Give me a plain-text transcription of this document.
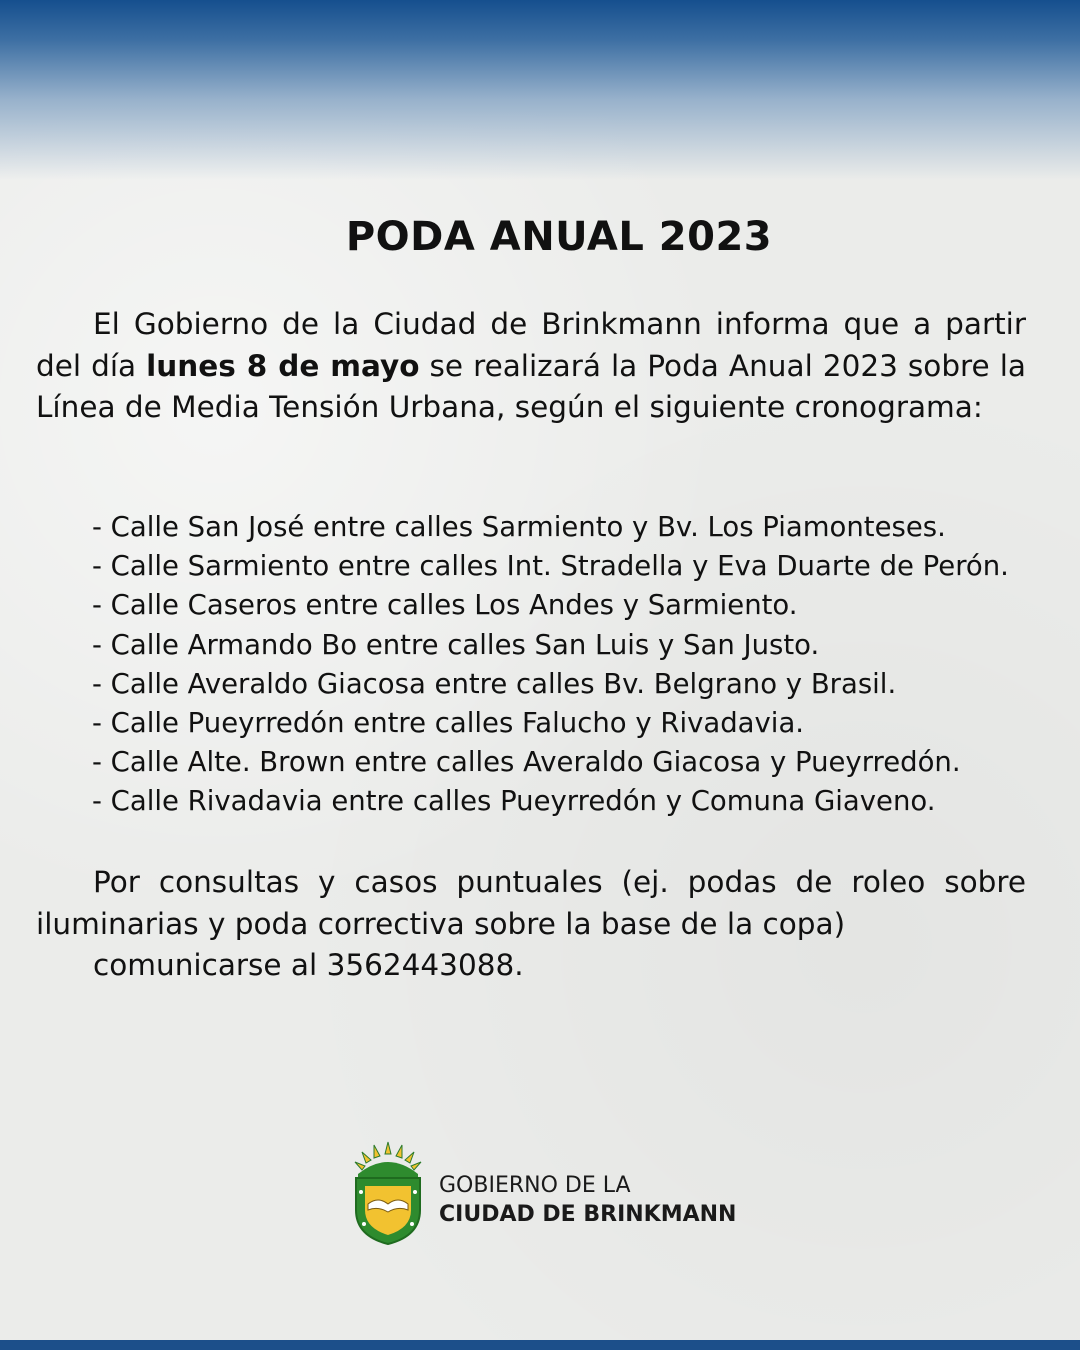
PODA ANUAL 2023

El Gobierno de la Ciudad de Brinkmann informa que a partir del día lunes 8 de mayo se realizará la Poda Anual 2023 sobre la Línea de Media Tensión Urbana, según el siguiente cronograma:

- Calle San José entre calles Sarmiento y Bv. Los Piamonteses.
- Calle Sarmiento entre calles Int. Stradella y Eva Duarte de Perón.
- Calle Caseros entre calles Los Andes y Sarmiento.
- Calle Armando Bo entre calles San Luis y San Justo.
- Calle Averaldo Giacosa entre calles Bv. Belgrano y Brasil.
- Calle Pueyrredón entre calles Falucho y Rivadavia.
- Calle Alte. Brown entre calles Averaldo Giacosa y Pueyrredón.
- Calle Rivadavia entre calles Pueyrredón y Comuna Giaveno.

Por consultas y casos puntuales (ej. podas de roleo sobre iluminarias y poda correctiva sobre la base de la copa)

comunicarse al 3562443088.

GOBIERNO DE LA
CIUDAD DE BRINKMANN
